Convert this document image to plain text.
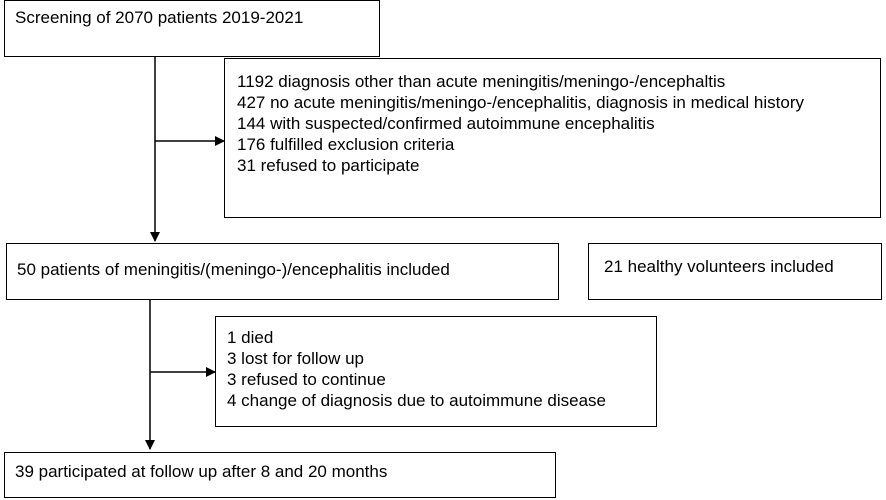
Screening of 2070 patients 2019-2021
1192 diagnosis other than acute meningitis/meningo-/encephaltis
427 no acute meningitis/meningo-/encephalitis, diagnosis in medical history
144 with suspected/confirmed autoimmune encephalitis
176 fulfilled exclusion criteria
31 refused to participate
50 patients of meningitis/(meningo-)/encephalitis included	21 healthy volunteers included
1 died
3 lost for follow up
3 refused to continue
4 change of diagnosis due to autoimmune disease
39 participated at follow up after 8 and 20 months
